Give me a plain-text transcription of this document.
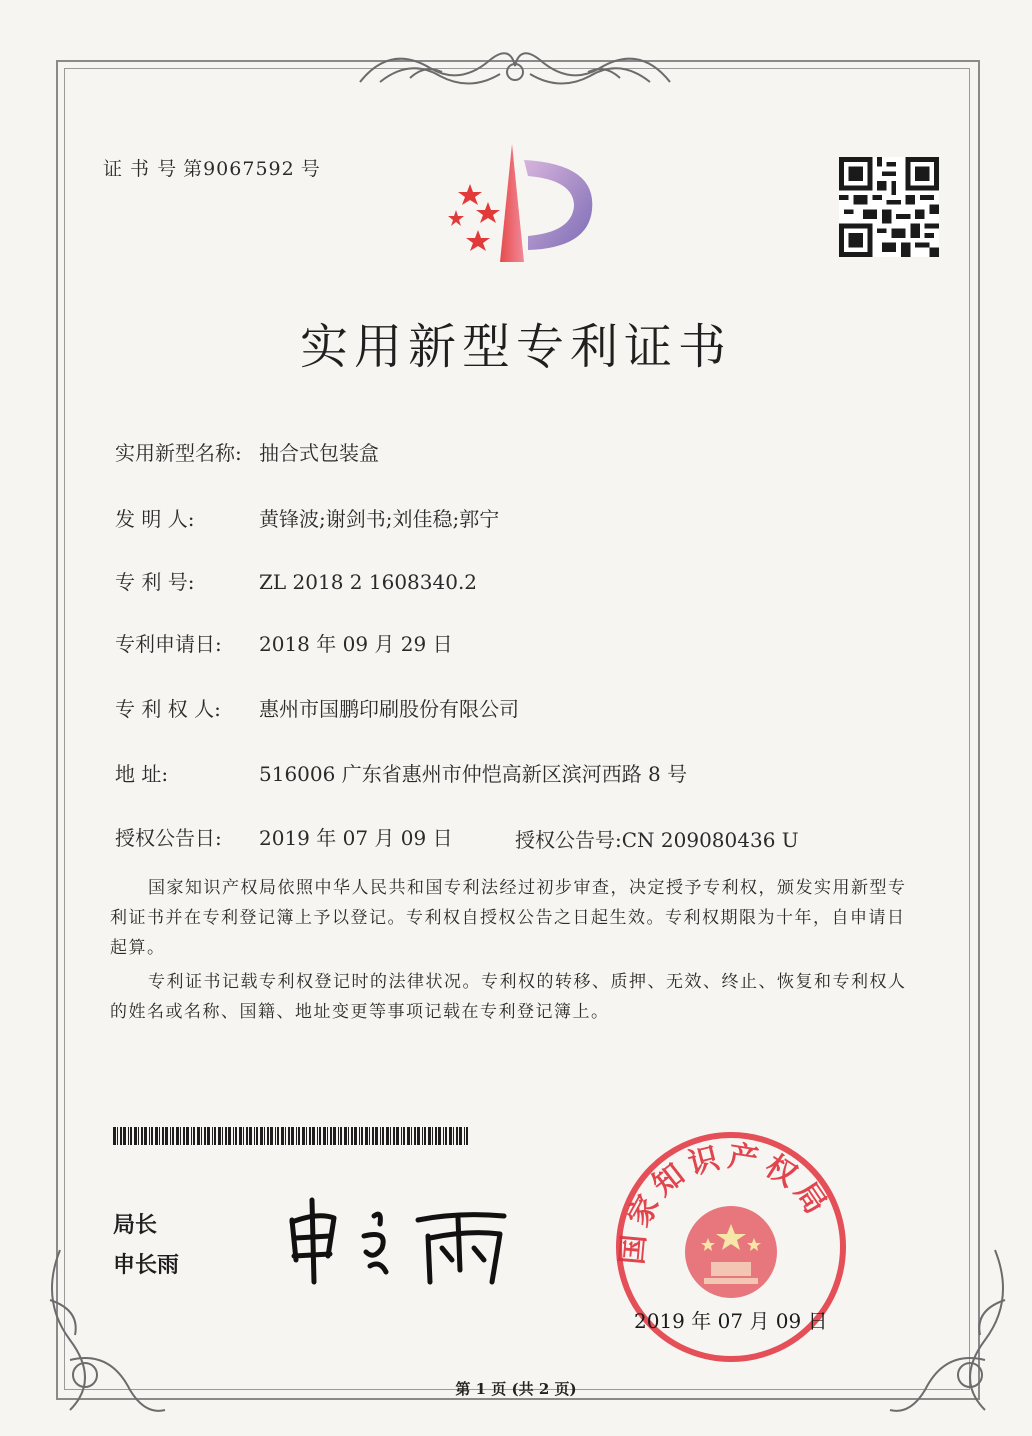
证 书 号 第9067592 号
实用新型专利证书
实用新型名称: 抽合式包装盒
发 明 人:	黄锋波;谢剑书;刘佳稳;郭宁
专 利 号:	ZL 2018 2 1608340.2
专利申请日: 2018 年 09 月 29 日
专 利 权 人: 惠州市国鹏印刷股份有限公司
地 址:	516006 广东省惠州市仲恺高新区滨河西路 8 号
授权公告日: 2019 年 07 月 09 日	授权公告号:CN 209080436 U
国家知识产权局依照中华人民共和国专利法经过初步审查，决定授予专利权，颁发实用新型专利证书并在专利登记簿上予以登记。专利权自授权公告之日起生效。专利权期限为十年，自申请日起算。
专利证书记载专利权登记时的法律状况。专利权的转移、质押、无效、终止、恢复和专利权人的姓名或名称、国籍、地址变更等事项记载在专利登记簿上。
局长
申长雨	国家知识产权局
2019 年 07 月 09 日
第 1 页 (共 2 页)
